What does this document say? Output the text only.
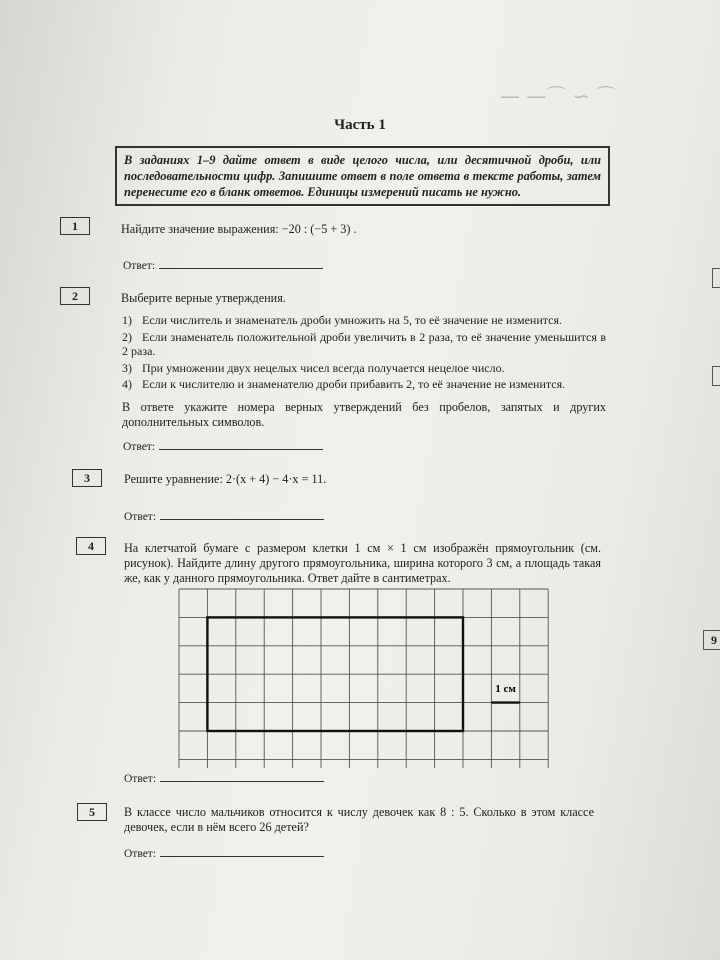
— —⌒ ∽ ⌒
Часть 1
В заданиях 1–9 дайте ответ в виде целого числа, или десятичной дроби, или последовательности цифр. Запишите ответ в поле ответа в тексте работы, затем перенесите его в бланк ответов. Единицы измерений писать не нужно.
1	Найдите значение выражения: −20 : (−5 + 3) .
Ответ:
2	Выберите верные утверждения.
1) Если числитель и знаменатель дроби умножить на 5, то её значение не изменится.
2) Если знаменатель положительной дроби увеличить в 2 раза, то её значение уменьшится в 2 раза.
3) При умножении двух нецелых чисел всегда получается нецелое число.
4) Если к числителю и знаменателю дроби прибавить 2, то её значение не изменится.
В ответе укажите номера верных утверждений без пробелов, запятых и других дополнительных символов.
Ответ:
3	Решите уравнение: 2·(x + 4) − 4·x = 11.
Ответ:
4	На клетчатой бумаге с размером клетки 1 см × 1 см изображён прямоугольник (см. рисунок). Найдите длину другого прямоугольника, ширина которого 3 см, а площадь такая же, как у данного прямоугольника. Ответ дайте в сантиметрах.
1 см
Ответ:
5	В классе число мальчиков относится к числу девочек как 8 : 5. Сколько в этом классе девочек, если в нём всего 26 детей?
Ответ:
9
